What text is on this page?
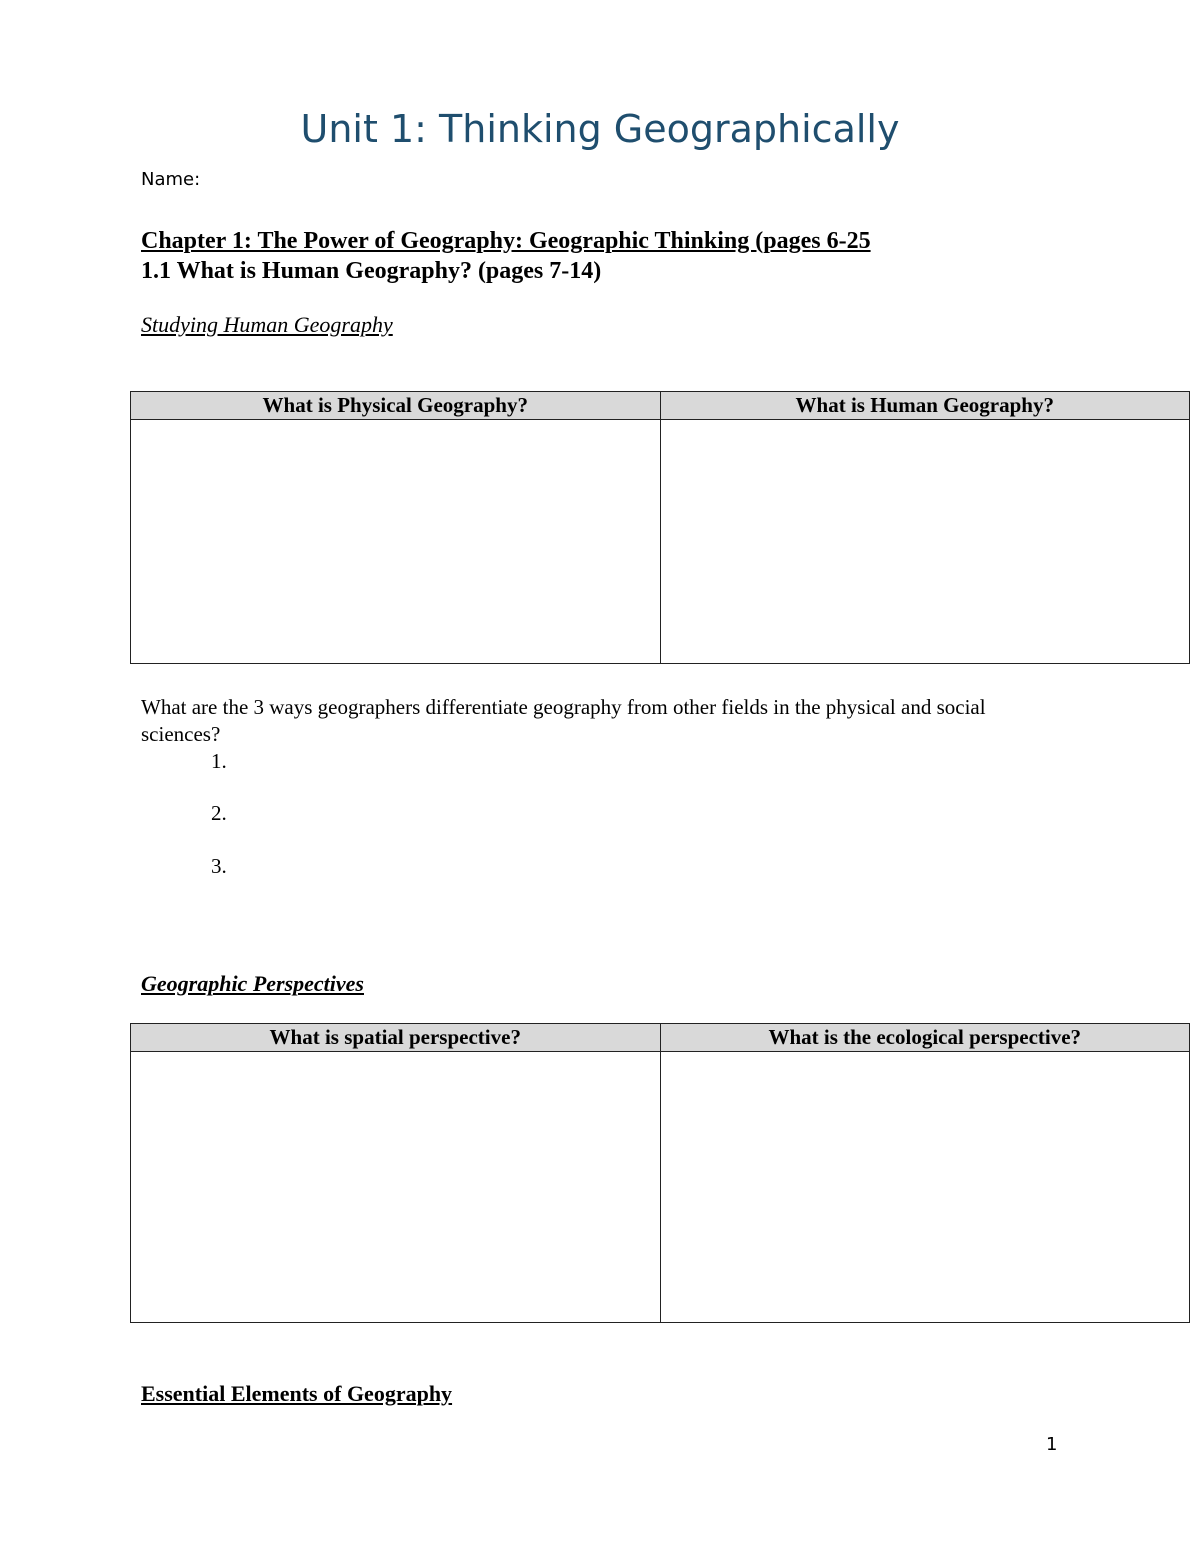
Unit 1: Thinking Geographically
Name:
Chapter 1: The Power of Geography: Geographic Thinking (pages 6-25
1.1 What is Human Geography? (pages 7-14)
Studying Human Geography
What is Physical Geography?	What is Human Geography?

What are the 3 ways geographers differentiate geography from other fields in the physical and social sciences?
1.
2.
3.
Geographic Perspectives
What is spatial perspective?	What is the ecological perspective?

Essential Elements of Geography
1
